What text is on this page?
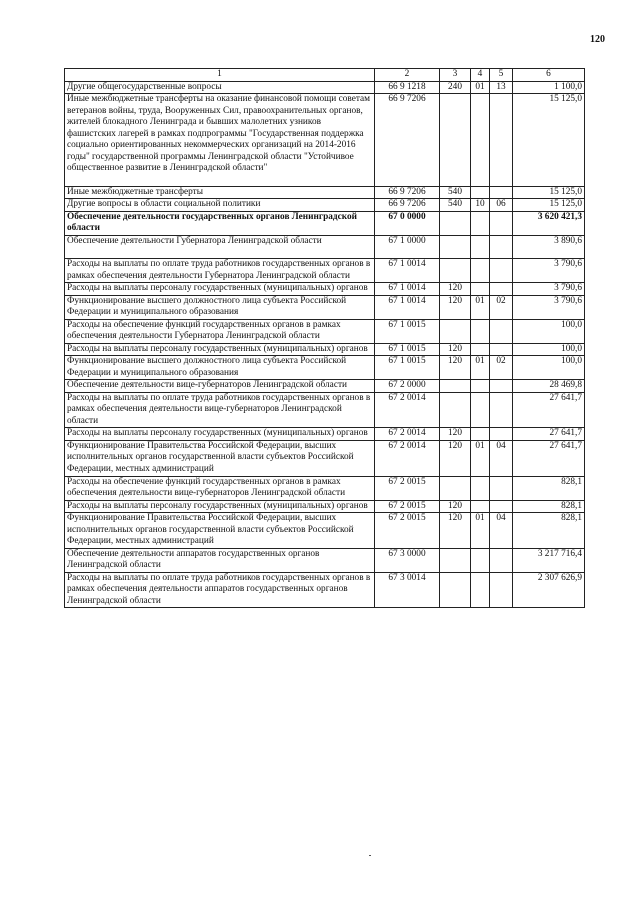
120
1	2	3	4	5	6
Другие общегосударственные вопросы	66 9 1218	240	01	13	1 100,0
Иные межбюджетные трансферты на оказание финансовой помощи советам ветеранов войны, труда, Вооруженных Сил, правоохранительных органов, жителей блокадного Ленинграда и бывших малолетних узников фашистских лагерей в рамках подпрограммы "Государственная поддержка социально ориентированных некоммерческих организаций на 2014-2016 годы" государственной программы Ленинградской области "Устойчивое общественное развитие в Ленинградской области"	66 9 7206				15 125,0
Иные межбюджетные трансферты	66 9 7206	540			15 125,0
Другие вопросы в области социальной политики	66 9 7206	540	10	06	15 125,0
Обеспечение деятельности государственных органов Ленинградской области	67 0 0000				3 620 421,3
Обеспечение деятельности Губернатора Ленинградской области	67 1 0000				3 890,6
Расходы на выплаты по оплате труда работников государственных органов в рамках обеспечения деятельности Губернатора Ленинградской области	67 1 0014				3 790,6
Расходы на выплаты персоналу государственных (муниципальных) органов	67 1 0014	120			3 790,6
Функционирование высшего должностного лица субъекта Российской Федерации и муниципального образования	67 1 0014	120	01	02	3 790,6
Расходы на обеспечение функций государственных органов в рамках обеспечения деятельности Губернатора Ленинградской области	67 1 0015				100,0
Расходы на выплаты персоналу государственных (муниципальных) органов	67 1 0015	120			100,0
Функционирование высшего должностного лица субъекта Российской Федерации и муниципального образования	67 1 0015	120	01	02	100,0
Обеспечение деятельности вице-губернаторов Ленинградской области	67 2 0000				28 469,8
Расходы на выплаты по оплате труда работников государственных органов в рамках обеспечения деятельности вице-губернаторов Ленинградской области	67 2 0014				27 641,7
Расходы на выплаты персоналу государственных (муниципальных) органов	67 2 0014	120			27 641,7
Функционирование Правительства Российской Федерации, высших исполнительных органов государственной власти субъектов Российской Федерации, местных администраций	67 2 0014	120	01	04	27 641,7
Расходы на обеспечение функций государственных органов в рамках обеспечения деятельности вице-губернаторов Ленинградской области	67 2 0015				828,1
Расходы на выплаты персоналу государственных (муниципальных) органов	67 2 0015	120			828,1
Функционирование Правительства Российской Федерации, высших исполнительных органов государственной власти субъектов Российской Федерации, местных администраций	67 2 0015	120	01	04	828,1
Обеспечение деятельности аппаратов государственных органов Ленинградской области	67 3 0000				3 217 716,4
Расходы на выплаты по оплате труда работников государственных органов в рамках обеспечения деятельности аппаратов государственных органов Ленинградской области	67 3 0014				2 307 626,9
